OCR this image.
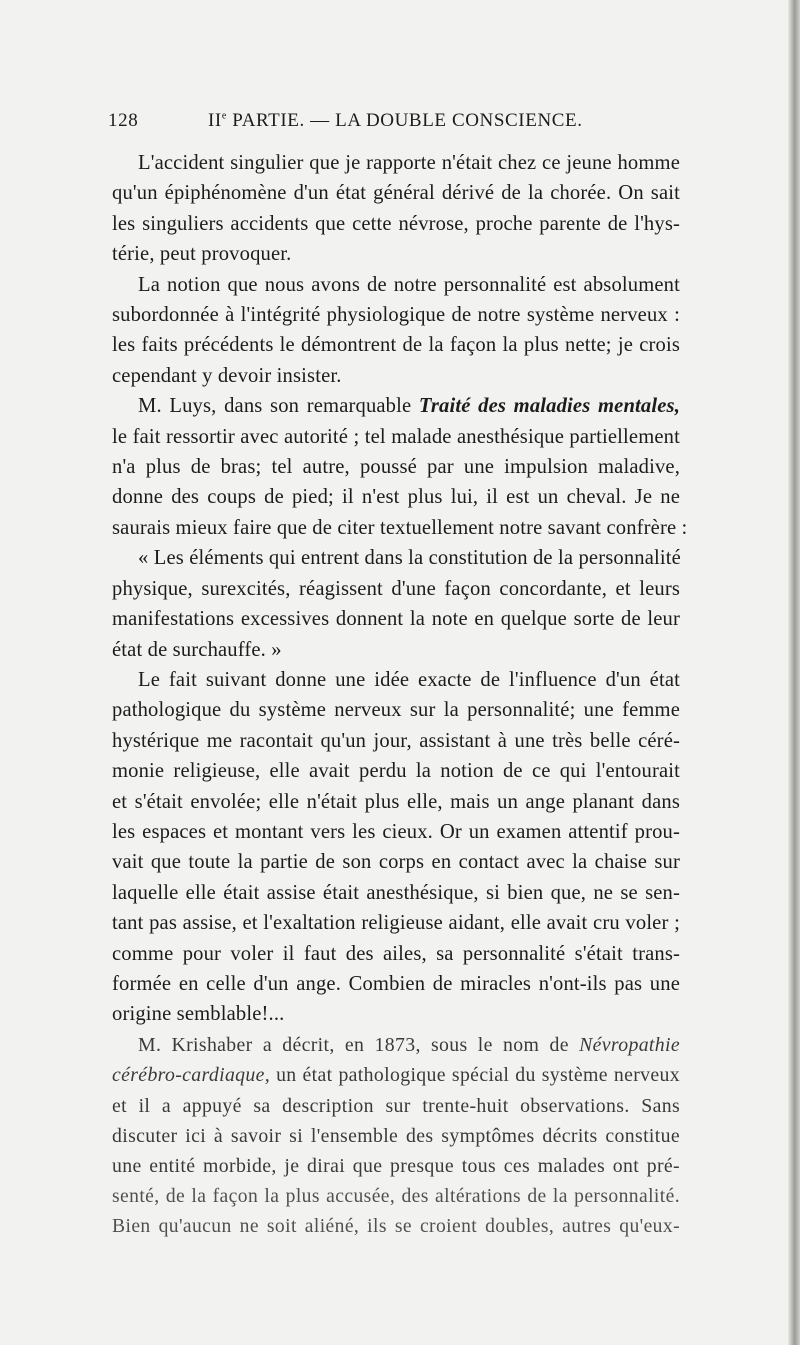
128	IIe PARTIE. — LA DOUBLE CONSCIENCE.
L'accident singulier que je rapporte n'était chez ce jeune homme
qu'un épiphénomène d'un état général dérivé de la chorée. On sait
les singuliers accidents que cette névrose, proche parente de l'hys-
térie, peut provoquer.
La notion que nous avons de notre personnalité est absolument
subordonnée à l'intégrité physiologique de notre système nerveux :
les faits précédents le démontrent de la façon la plus nette; je crois
cependant y devoir insister.
M. Luys, dans son remarquable Traité des maladies mentales,
le fait ressortir avec autorité ; tel malade anesthésique partiellement
n'a plus de bras; tel autre, poussé par une impulsion maladive,
donne des coups de pied; il n'est plus lui, il est un cheval. Je ne
saurais mieux faire que de citer textuellement notre savant confrère :
« Les éléments qui entrent dans la constitution de la personnalité
physique, surexcités, réagissent d'une façon concordante, et leurs
manifestations excessives donnent la note en quelque sorte de leur
état de surchauffe. »
Le fait suivant donne une idée exacte de l'influence d'un état
pathologique du système nerveux sur la personnalité; une femme
hystérique me racontait qu'un jour, assistant à une très belle céré-
monie religieuse, elle avait perdu la notion de ce qui l'entourait
et s'était envolée; elle n'était plus elle, mais un ange planant dans
les espaces et montant vers les cieux. Or un examen attentif prou-
vait que toute la partie de son corps en contact avec la chaise sur
laquelle elle était assise était anesthésique, si bien que, ne se sen-
tant pas assise, et l'exaltation religieuse aidant, elle avait cru voler ;
comme pour voler il faut des ailes, sa personnalité s'était trans-
formée en celle d'un ange. Combien de miracles n'ont-ils pas une
origine semblable!...
M. Krishaber a décrit, en 1873, sous le nom de Névropathie
cérébro-cardiaque, un état pathologique spécial du système nerveux
et il a appuyé sa description sur trente-huit observations. Sans
discuter ici à savoir si l'ensemble des symptômes décrits constitue
une entité morbide, je dirai que presque tous ces malades ont pré-
senté, de la façon la plus accusée, des altérations de la personnalité.
Bien qu'aucun ne soit aliéné, ils se croient doubles, autres qu'eux-
